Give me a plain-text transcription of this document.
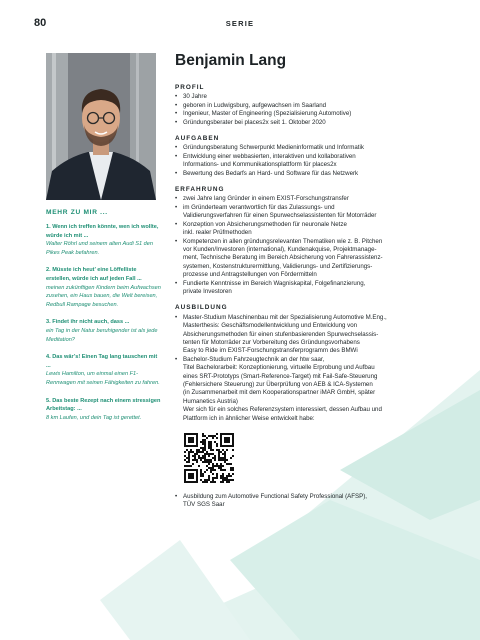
80	SERIE
Benjamin Lang
MEHR ZU MIR ...
1. Wenn ich treffen könnte, wen ich wollte, würde ich mit ...
Walter Röhrl und seinem alten Audi S1 den Pikes Peak befahren.
2. Müsste ich heut’ eine Löffelliste erstellen, würde ich auf jeden Fall ...
meinen zukünftigen Kindern beim Aufwachsen zusehen, ein Haus bauen, die Welt bereisen, Redbull Rampage besuchen.
3. Findet ihr nicht auch, dass ...
ein Tag in der Natur beruhigender ist als jede Meditation?
4. Das wär’s! Einen Tag lang tauschen mit ...
Lewis Hamilton, um einmal einen F1-Rennwagen mit seinen Fähigkeiten zu fahren.
5. Das beste Rezept nach einem stressigen Arbeitstag: ...
8 km Laufen, und dein Tag ist gerettet.
PROFIL
• 30 Jahre
• geboren in Ludwigsburg, aufgewachsen im Saarland
• Ingenieur, Master of Engineering (Spezialisierung Automotive)
• Gründungsberater bei places2x seit 1. Oktober 2020
AUFGABEN
• Gründungsberatung Schwerpunkt Medieninformatik und Informatik
• Entwicklung einer webbasierten, interaktiven und kollaborativen
Informations- und Kommunikationsplattform für places2x
• Bewertung des Bedarfs an Hard- und Software für das Netzwerk
ERFAHRUNG
• zwei Jahre lang Gründer in einem EXIST-Forschungstransfer
• im Gründerteam verantwortlich für das Zulassungs- und
Validierungsverfahren für einen Spurwechselassistenten für Motorräder
• Konzeption von Absicherungsmethoden für neuronale Netze
inkl. realer Prüfmethoden
• Kompetenzen in allen gründungsrelevanten Thematiken wie z. B. Pitchen
vor Kunden/Investoren (international), Kundenakquise, Projektmanage-
ment, Technische Beratung im Bereich Absicherung von Fahrerassistenz-
systemen, Kostenstrukturermittlung, Validierungs- und Zertifizierungs-
prozesse und Antragstellungen von Fördermitteln
• Fundierte Kenntnisse im Bereich Wagniskapital, Folgefinanzierung,
private Investoren
AUSBILDUNG
• Master-Studium Maschinenbau mit der Spezialisierung Automotive M.Eng.,
Masterthesis: Geschäftsmodellentwicklung und Entwicklung von
Absicherungsmethoden für einen stufenbasierenden Spurwechselassis-
tenten für Motorräder zur Vorbereitung des Gründungsvorhabens
Easy to Ride im EXIST-Forschungstransferprogramm des BMWi
• Bachelor-Studium Fahrzeugtechnik an der htw saar,
Titel Bachelorarbeit: Konzeptionierung, virtuelle Erprobung und Aufbau
eines SRT-Prototyps (Smart-Reference-Target) mit Fail-Safe-Steuerung
(Fehlersichere Steuerung) zur Überprüfung von AEB & ICA-Systemen
(in Zusammenarbeit mit dem Kooperationspartner iMAR GmbH, später
Humanetics Austria)
Wer sich für ein solches Referenzsystem interessiert, dessen Aufbau und
Plattform ich in ähnlicher Weise entwickelt habe:
• Ausbildung zum Automotive Functional Safety Professional (AFSP),
TÜV SGS Saar
